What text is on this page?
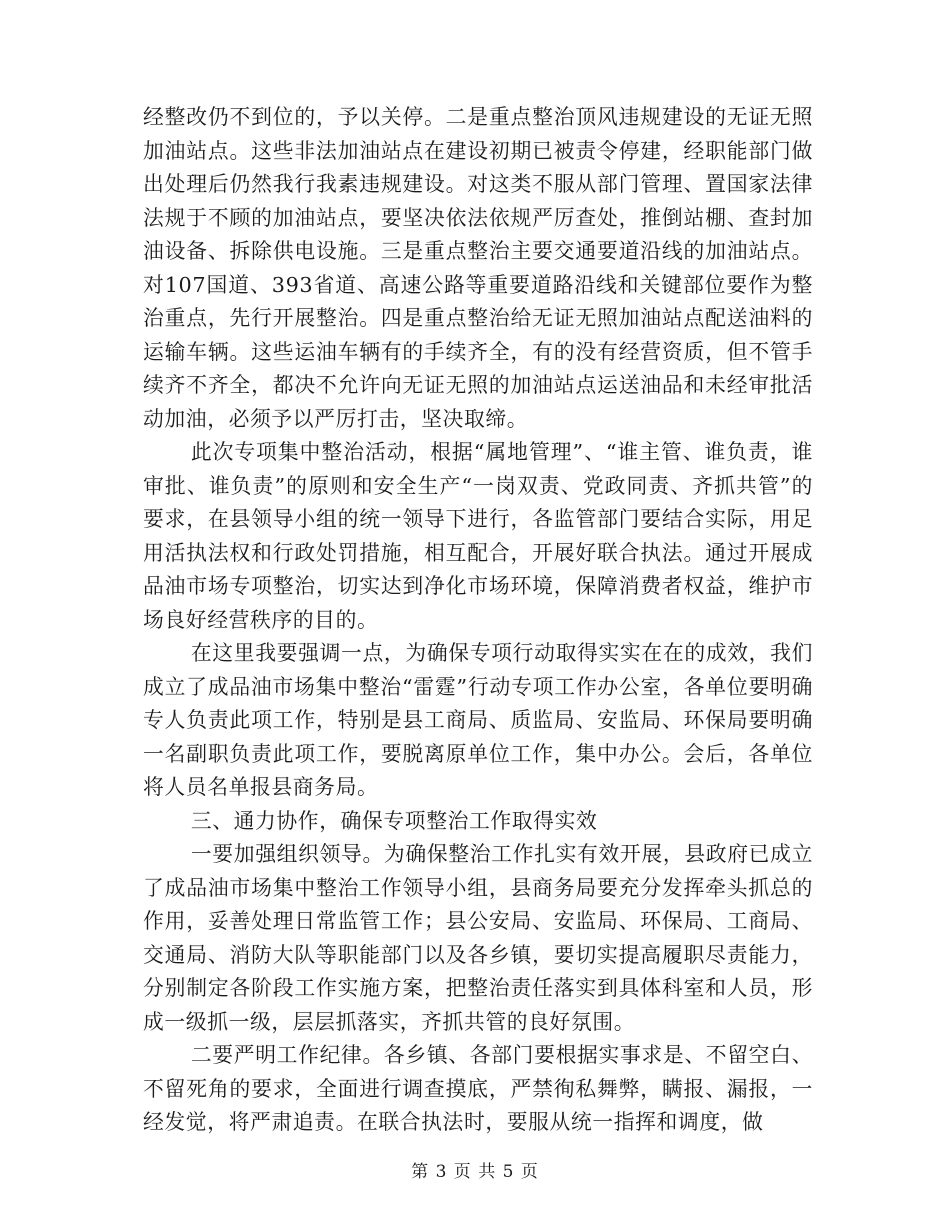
经整改仍不到位的，予以关停。二是重点整治顶风违规建设的无证无照加油站点。这些非法加油站点在建设初期已被责令停建，经职能部门做出处理后仍然我行我素违规建设。对这类不服从部门管理、置国家法律法规于不顾的加油站点，要坚决依法依规严厉查处，推倒站棚、查封加油设备、拆除供电设施。三是重点整治主要交通要道沿线的加油站点。对107国道、393省道、高速公路等重要道路沿线和关键部位要作为整治重点，先行开展整治。四是重点整治给无证无照加油站点配送油料的运输车辆。这些运油车辆有的手续齐全，有的没有经营资质，但不管手续齐不齐全，都决不允许向无证无照的加油站点运送油品和未经审批活动加油，必须予以严厉打击，坚决取缔。

此次专项集中整治活动，根据“属地管理”、“谁主管、谁负责，谁审批、谁负责”的原则和安全生产“一岗双责、党政同责、齐抓共管”的要求，在县领导小组的统一领导下进行，各监管部门要结合实际，用足用活执法权和行政处罚措施，相互配合，开展好联合执法。通过开展成品油市场专项整治，切实达到净化市场环境，保障消费者权益，维护市场良好经营秩序的目的。

在这里我要强调一点，为确保专项行动取得实实在在的成效，我们成立了成品油市场集中整治“雷霆”行动专项工作办公室，各单位要明确专人负责此项工作，特别是县工商局、质监局、安监局、环保局要明确一名副职负责此项工作，要脱离原单位工作，集中办公。会后，各单位将人员名单报县商务局。

三、通力协作，确保专项整治工作取得实效

一要加强组织领导。为确保整治工作扎实有效开展，县政府已成立了成品油市场集中整治工作领导小组，县商务局要充分发挥牵头抓总的作用，妥善处理日常监管工作；县公安局、安监局、环保局、工商局、交通局、消防大队等职能部门以及各乡镇，要切实提高履职尽责能力，分别制定各阶段工作实施方案，把整治责任落实到具体科室和人员，形成一级抓一级，层层抓落实，齐抓共管的良好氛围。

二要严明工作纪律。各乡镇、各部门要根据实事求是、不留空白、不留死角的要求，全面进行调查摸底，严禁徇私舞弊，瞒报、漏报，一经发觉，将严肃追责。在联合执法时，要服从统一指挥和调度，做

第 3 页 共 5 页
